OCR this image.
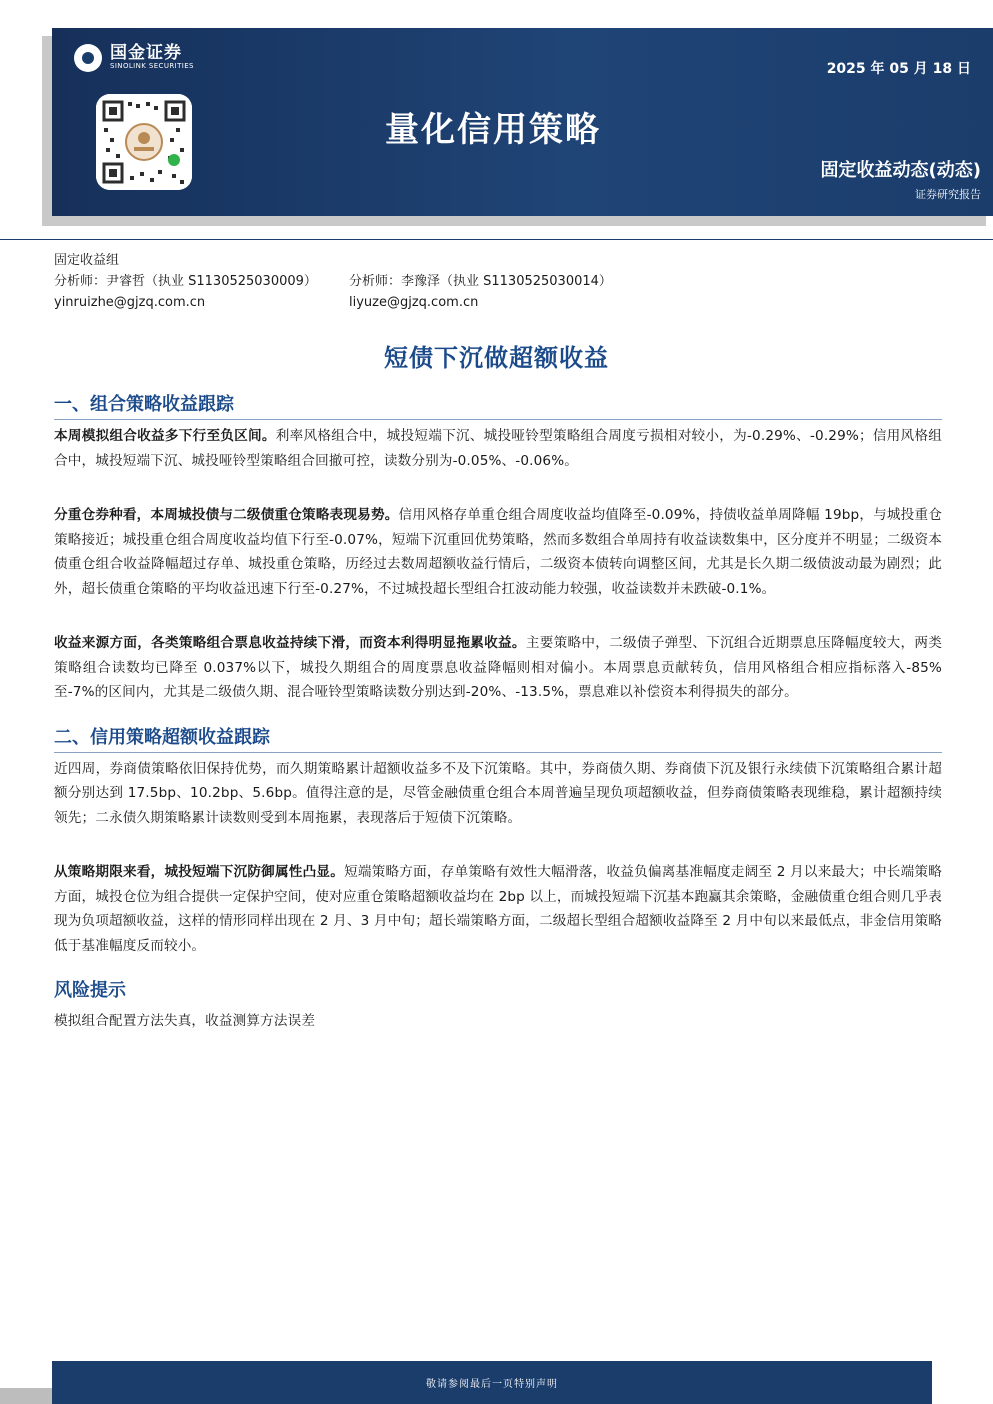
国金证券
SINOLINK SECURITIES
量化信用策略
2025 年 05 月 18 日
固定收益动态(动态)
证券研究报告
固定收益组
分析师：尹睿哲（执业 S1130525030009）	分析师：李豫泽（执业 S1130525030014）
yinruizhe@gjzq.com.cn	liyuze@gjzq.com.cn
短债下沉做超额收益
一、组合策略收益跟踪

本周模拟组合收益多下行至负区间。利率风格组合中，城投短端下沉、城投哑铃型策略组合周度亏损相对较小，为-0.29%、-0.29%；信用风格组合中，城投短端下沉、城投哑铃型策略组合回撤可控，读数分别为-0.05%、-0.06%。

分重仓券种看，本周城投债与二级债重仓策略表现易势。信用风格存单重仓组合周度收益均值降至-0.09%，持债收益单周降幅 19bp，与城投重仓策略接近；城投重仓组合周度收益均值下行至-0.07%，短端下沉重回优势策略，然而多数组合单周持有收益读数集中，区分度并不明显；二级资本债重仓组合收益降幅超过存单、城投重仓策略，历经过去数周超额收益行情后，二级资本债转向调整区间，尤其是长久期二级债波动最为剧烈；此外，超长债重仓策略的平均收益迅速下行至-0.27%，不过城投超长型组合扛波动能力较强，收益读数并未跌破-0.1%。

收益来源方面，各类策略组合票息收益持续下滑，而资本利得明显拖累收益。主要策略中，二级债子弹型、下沉组合近期票息压降幅度较大，两类策略组合读数均已降至 0.037%以下，城投久期组合的周度票息收益降幅则相对偏小。本周票息贡献转负，信用风格组合相应指标落入-85%至-7%的区间内，尤其是二级债久期、混合哑铃型策略读数分别达到-20%、-13.5%，票息难以补偿资本利得损失的部分。

二、信用策略超额收益跟踪

近四周，券商债策略依旧保持优势，而久期策略累计超额收益多不及下沉策略。其中，券商债久期、券商债下沉及银行永续债下沉策略组合累计超额分别达到 17.5bp、10.2bp、5.6bp。值得注意的是，尽管金融债重仓组合本周普遍呈现负项超额收益，但券商债策略表现维稳，累计超额持续领先；二永债久期策略累计读数则受到本周拖累，表现落后于短债下沉策略。

从策略期限来看，城投短端下沉防御属性凸显。短端策略方面，存单策略有效性大幅滑落，收益负偏离基准幅度走阔至 2 月以来最大；中长端策略方面，城投仓位为组合提供一定保护空间，使对应重仓策略超额收益均在 2bp 以上，而城投短端下沉基本跑赢其余策略，金融债重仓组合则几乎表现为负项超额收益，这样的情形同样出现在 2 月、3 月中旬；超长端策略方面，二级超长型组合超额收益降至 2 月中旬以来最低点，非金信用策略低于基准幅度反而较小。

风险提示

模拟组合配置方法失真，收益测算方法误差

敬请参阅最后一页特别声明
